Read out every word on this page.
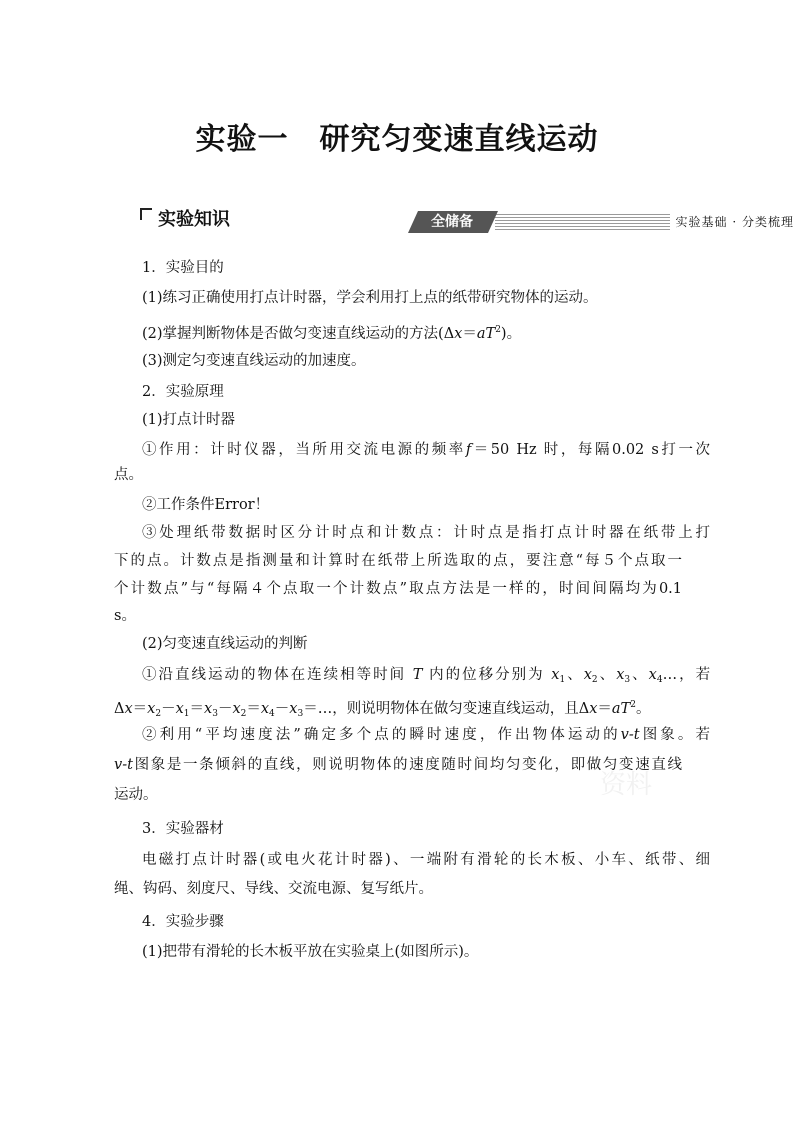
实验一　研究匀变速直线运动
实验知识	全储备	实验基础 · 分类梳理
1．实验目的
(1)练习正确使用打点计时器，学会利用打上点的纸带研究物体的运动。
(2)掌握判断物体是否做匀变速直线运动的方法$(\Delta x=aT^2)$。
(3)测定匀变速直线运动的加速度。
2．实验原理
(1)打点计时器
①作用：计时仪器，当所用交流电源的频率f＝50 Hz 时，每隔0.02 s打一次
点。
②工作条件Error！
③处理纸带数据时区分计时点和计数点：计时点是指打点计时器在纸带上打
下的点。计数点是指测量和计算时在纸带上所选取的点，要注意“每５个点取一
个计数点”与“每隔４个点取一个计数点”取点方法是一样的，时间间隔均为0.1
s。
(2)匀变速直线运动的判断
①沿直线运动的物体在连续相等时间 T 内的位移分别为 $x_1$、$x_2$、$x_3$、$x_4\dots$，若
$\Delta x=x_2-x_1=x_3-x_2=x_4-x_3=\dots$，则说明物体在做匀变速直线运动，且$\Delta x=aT^2$。
②利用“平均速度法”确定多个点的瞬时速度，作出物体运动的v-t图象。若
v-t图象是一条倾斜的直线，则说明物体的速度随时间均匀变化，即做匀变速直线
运动。
3．实验器材
电磁打点计时器(或电火花计时器)、一端附有滑轮的长木板、小车、纸带、细
绳、钩码、刻度尺、导线、交流电源、复写纸片。
4．实验步骤
(1)把带有滑轮的长木板平放在实验桌上(如图所示)。
资料
